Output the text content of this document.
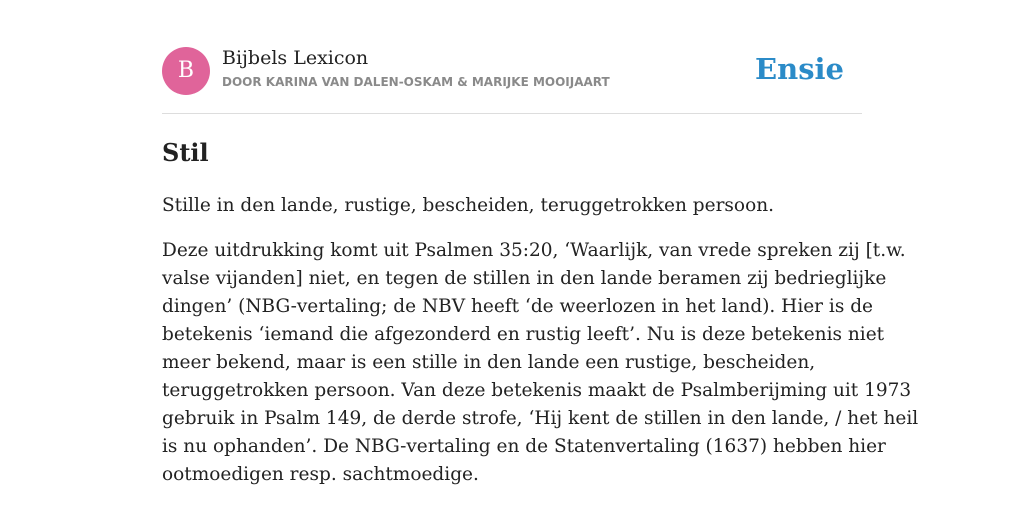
B	Bijbels Lexicon
DOOR KARINA VAN DALEN-OSKAM & MARIJKE MOOIJAART	Ensie
Stil

Stille in den lande, rustige, bescheiden, teruggetrokken persoon.

Deze uitdrukking komt uit Psalmen 35:20, ‘Waarlijk, van vrede spreken zij [t.w.
valse vijanden] niet, en tegen de stillen in den lande beramen zij bedrieglijke
dingen’ (NBG-vertaling; de NBV heeft ‘de weerlozen in het land). Hier is de
betekenis ‘iemand die afgezonderd en rustig leeft’. Nu is deze betekenis niet
meer bekend, maar is een stille in den lande een rustige, bescheiden,
teruggetrokken persoon. Van deze betekenis maakt de Psalmberijming uit 1973
gebruik in Psalm 149, de derde strofe, ‘Hij kent de stillen in den lande, / het heil
is nu ophanden’. De NBG-vertaling en de Statenvertaling (1637) hebben hier
ootmoedigen resp. sachtmoedige.
